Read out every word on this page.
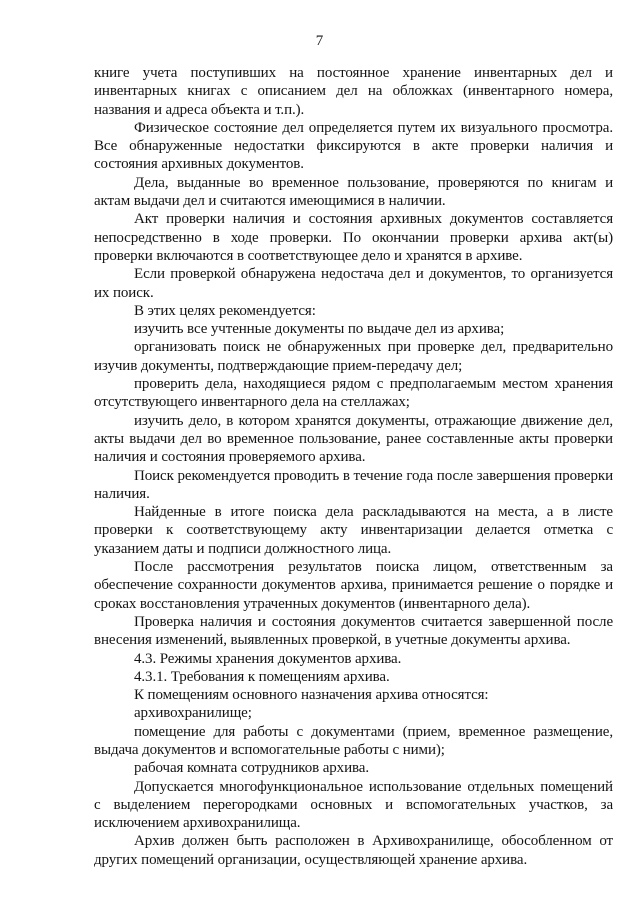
7

книге учета поступивших на постоянное хранение инвентарных дел и инвентарных книгах с описанием дел на обложках (инвентарного номера, названия и адреса объекта и т.п.).

Физическое состояние дел определяется путем их визуального просмотра. Все обнаруженные недостатки фиксируются в акте проверки наличия и состояния архивных документов.

Дела, выданные во временное пользование, проверяются по книгам и актам выдачи дел и считаются имеющимися в наличии.

Акт проверки наличия и состояния архивных документов составляется непосредственно в ходе проверки. По окончании проверки архива акт(ы) проверки включаются в соответствующее дело и хранятся в архиве.

Если проверкой обнаружена недостача дел и документов, то организуется их поиск.

В этих целях рекомендуется:

изучить все учтенные документы по выдаче дел из архива;

организовать поиск не обнаруженных при проверке дел, предварительно изучив документы, подтверждающие прием-передачу дел;

проверить дела, находящиеся рядом с предполагаемым местом хранения отсутствующего инвентарного дела на стеллажах;

изучить дело, в котором хранятся документы, отражающие движение дел, акты выдачи дел во временное пользование, ранее составленные акты проверки наличия и состояния проверяемого архива.

Поиск рекомендуется проводить в течение года после завершения проверки наличия.

Найденные в итоге поиска дела раскладываются на места, а в листе проверки к соответствующему акту инвентаризации делается отметка с указанием даты и подписи должностного лица.

После рассмотрения результатов поиска лицом, ответственным за обеспечение сохранности документов архива, принимается решение о порядке и сроках восстановления утраченных документов (инвентарного дела).

Проверка наличия и состояния документов считается завершенной после внесения изменений, выявленных проверкой, в учетные документы архива.

4.3. Режимы хранения документов архива.

4.3.1. Требования к помещениям архива.

К помещениям основного назначения архива относятся:

архивохранилище;

помещение для работы с документами (прием, временное размещение, выдача документов и вспомогательные работы с ними);

рабочая комната сотрудников архива.

Допускается многофункциональное использование отдельных помещений с выделением перегородками основных и вспомогательных участков, за исключением архивохранилища.

Архив должен быть расположен в Архивохранилище, обособленном от других помещений организации, осуществляющей хранение архива.
